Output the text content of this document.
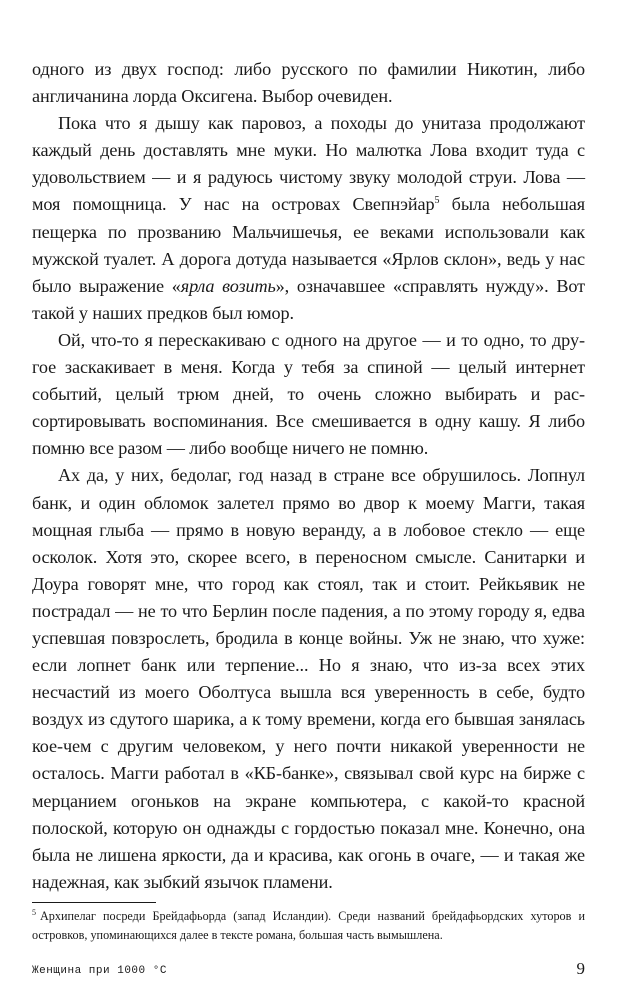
одного из двух господ: либо русского по фамилии Никотин, либо англичанина лорда Оксигена. Выбор очевиден.

Пока что я дышу как паровоз, а походы до унитаза продолжают каждый день доставлять мне муки. Но малютка Лова входит туда с удовольствием — и я радуюсь чистому звуку молодой струи. Лова — моя помощница. У нас на островах Свепнэйар$^5$ была небольшая пещерка по прозванию Мальчишечья, ее веками использовали как мужской туалет. А дорога дотуда называется «Ярлов склон», ведь у нас было выражение «ярла возить», означавшее «справлять нужду». Вот такой у наших предков был юмор.

Ой, что-то я перескакиваю с одного на другое — и то одно, то другое заскакивает в меня. Когда у тебя за спиной — целый интернет событий, целый трюм дней, то очень сложно выбирать и рассортировывать воспоминания. Все смешивается в одну кашу. Я либо помню все разом — либо вообще ничего не помню.

Ах да, у них, бедолаг, год назад в стране все обрушилось. Лопнул банк, и один обломок залетел прямо во двор к моему Магги, такая мощная глыба — прямо в новую веранду, а в лобовое стекло — еще осколок. Хотя это, скорее всего, в переносном смысле. Санитарки и Доура говорят мне, что город как стоял, так и стоит. Рейкьявик не пострадал — не то что Берлин после падения, а по этому городу я, едва успевшая повзрослеть, бродила в конце войны. Уж не знаю, что хуже: если лопнет банк или терпение... Но я знаю, что из-за всех этих несчастий из моего Оболтуса вышла вся уверенность в себе, будто воздух из сдутого шарика, а к тому времени, когда его бывшая занялась кое-чем с другим человеком, у него почти никакой уверенности не осталось. Магги работал в «КБ-банке», связывал свой курс на бирже с мерцанием огоньков на экране компьютера, с какой-то красной полоской, которую он однажды с гордостью показал мне. Конечно, она была не лишена яркости, да и красива, как огонь в очаге, — и такая же надежная, как зыбкий язычок пламени.

$^5$ Архипелаг посреди Брейдафьорда (запад Исландии). Среди названий брейдафьордских хуторов и островков, упоминающихся далее в тексте романа, большая часть вымышлена.
Женщина при 1000 °С	9
